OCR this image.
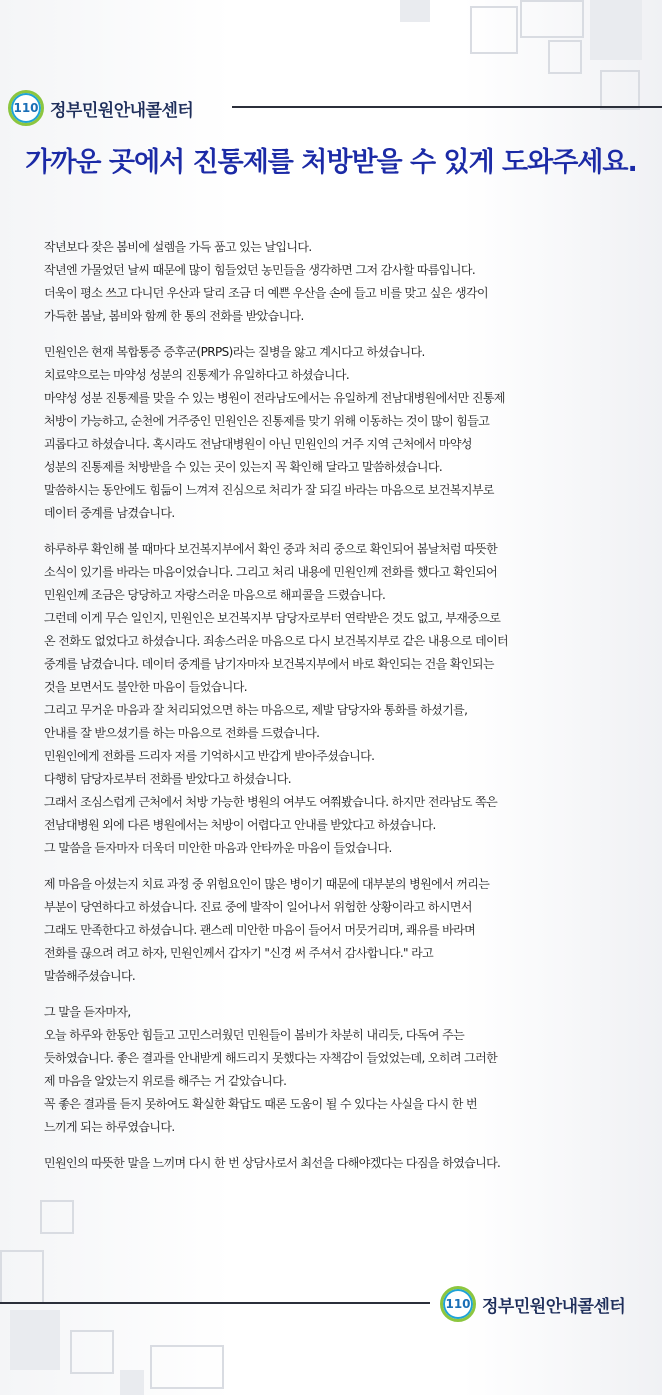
110 정부민원안내콜센터
가까운 곳에서 진통제를 처방받을 수 있게 도와주세요.
작년보다 잦은 봄비에 설렘을 가득 품고 있는 날입니다.
작년엔 가물었던 날씨 때문에 많이 힘들었던 농민들을 생각하면 그저 감사할 따름입니다.
더욱이 평소 쓰고 다니던 우산과 달리 조금 더 예쁜 우산을 손에 들고 비를 맞고 싶은 생각이
가득한 봄날, 봄비와 함께 한 통의 전화를 받았습니다.
민원인은 현재 복합통증 증후군(PRPS)라는 질병을 앓고 계시다고 하셨습니다.
치료약으로는 마약성 성분의 진통제가 유일하다고 하셨습니다.
마약성 성분 진통제를 맞을 수 있는 병원이 전라남도에서는 유일하게 전남대병원에서만 진통제
처방이 가능하고, 순천에 거주중인 민원인은 진통제를 맞기 위해 이동하는 것이 많이 힘들고
괴롭다고 하셨습니다. 혹시라도 전남대병원이 아닌 민원인의 거주 지역 근처에서 마약성
성분의 진통제를 처방받을 수 있는 곳이 있는지 꼭 확인해 달라고 말씀하셨습니다.
말씀하시는 동안에도 힘듦이 느껴져 진심으로 처리가 잘 되길 바라는 마음으로 보건복지부로
데이터 중계를 남겼습니다.
하루하루 확인해 볼 때마다 보건복지부에서 확인 중과 처리 중으로 확인되어 봄날처럼 따뜻한
소식이 있기를 바라는 마음이었습니다. 그리고 처리 내용에 민원인께 전화를 했다고 확인되어
민원인께 조금은 당당하고 자랑스러운 마음으로 해피콜을 드렸습니다.
그런데 이게 무슨 일인지, 민원인은 보건복지부 담당자로부터 연락받은 것도 없고, 부재중으로
온 전화도 없었다고 하셨습니다. 죄송스러운 마음으로 다시 보건복지부로 같은 내용으로 데이터
중계를 남겼습니다. 데이터 중계를 남기자마자 보건복지부에서 바로 확인되는 건을 확인되는
것을 보면서도 불안한 마음이 들었습니다.
그리고 무거운 마음과 잘 처리되었으면 하는 마음으로, 제발 담당자와 통화를 하셨기를,
안내를 잘 받으셨기를 하는 마음으로 전화를 드렸습니다.
민원인에게 전화를 드리자 저를 기억하시고 반갑게 받아주셨습니다.
다행히 담당자로부터 전화를 받았다고 하셨습니다.
그래서 조심스럽게 근처에서 처방 가능한 병원의 여부도 여쭤봤습니다. 하지만 전라남도 쪽은
전남대병원 외에 다른 병원에서는 처방이 어렵다고 안내를 받았다고 하셨습니다.
그 말씀을 듣자마자 더욱더 미안한 마음과 안타까운 마음이 들었습니다.
제 마음을 아셨는지 치료 과정 중 위험요인이 많은 병이기 때문에 대부분의 병원에서 꺼리는
부분이 당연하다고 하셨습니다. 진료 중에 발작이 일어나서 위험한 상황이라고 하시면서
그래도 만족한다고 하셨습니다. 괜스레 미안한 마음이 들어서 머뭇거리며, 쾌유를 바라며
전화를 끊으려 려고 하자, 민원인께서 갑자기 "신경 써 주셔서 감사합니다." 라고
말씀해주셨습니다.
그 말을 듣자마자,
오늘 하루와 한동안 힘들고 고민스러웠던 민원들이 봄비가 차분히 내리듯, 다독여 주는
듯하였습니다. 좋은 결과를 안내받게 해드리지 못했다는 자책감이 들었었는데, 오히려 그러한
제 마음을 알았는지 위로를 해주는 거 같았습니다.
꼭 좋은 결과를 듣지 못하여도 확실한 확답도 때론 도움이 될 수 있다는 사실을 다시 한 번
느끼게 되는 하루였습니다.
민원인의 따뜻한 말을 느끼며 다시 한 번 상담사로서 최선을 다해야겠다는 다짐을 하였습니다.
110 정부민원안내콜센터
